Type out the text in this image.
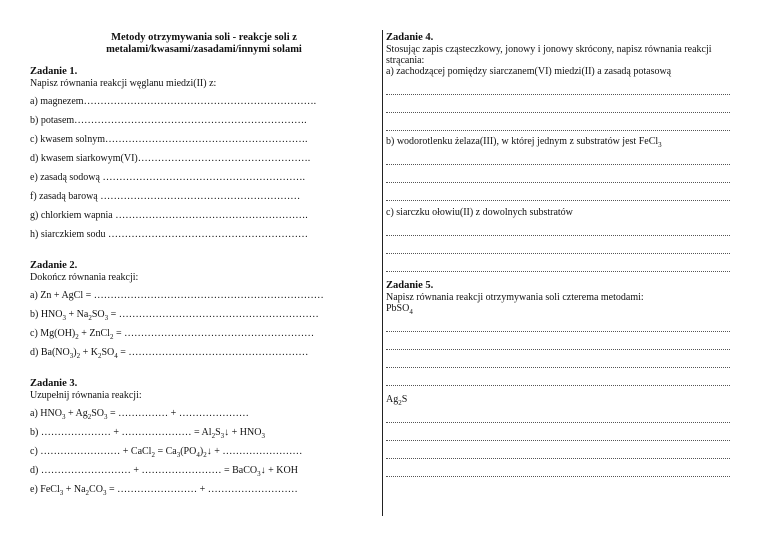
Metody otrzymywania soli - reakcje soli z
metalami/kwasami/zasadami/innymi solami

Zadanie 1.

Napisz równania reakcji węglanu miedzi(II) z:

a) magnezem…………………………………………………………….
b) potasem…………………………………………………………….
c) kwasem solnym…………………………………………………….
d) kwasem siarkowym(VI)…………………………………………….
e) zasadą sodową …………………………………………………….
f) zasadą barową ……………………………………………………
g) chlorkiem wapnia ………………………………………………….
h) siarczkiem sodu ……………………………………………………

Zadanie 2.

Dokończ równania reakcji:

a) Zn + AgCl = ……………………………………………………………
b) $HNO_3 + Na_2SO_3$ = ……………………………………………………
c) $Mg(OH)_2$ + ZnCl$_2$ = …………………………………………………
d) $Ba(NO_3)_2 + K_2SO_4$ = ………………………………………………

Zadanie 3.

Uzupełnij równania reakcji:

a) $HNO_3 + Ag_2SO_3$ = …………… + …………………
b) ………………… + ………………… = $Al_2S_3↓ + HNO_3$
c) …………………… + CaCl$_2$ = $Ca_3(PO_4)_2↓$ + ……………………
d) ……………………… + …………………… = BaCO$_3$↓ + KOH
e) FeCl$_3$ + $Na_2CO_3$ = …………………… + ………………………

Zadanie 4.

Stosując zapis cząsteczkowy, jonowy i jonowy skrócony, napisz równania reakcji strącania:

a) zachodzącej pomiędzy siarczanem(VI) miedzi(II) a zasadą potasową

b) wodorotlenku żelaza(III), w której jednym z substratów jest FeCl$_3$

c) siarczku ołowiu(II) z dowolnych substratów

Zadanie 5.

Napisz równania reakcji otrzymywania soli czterema metodami:

PbSO$_4$

$Ag_2S$
